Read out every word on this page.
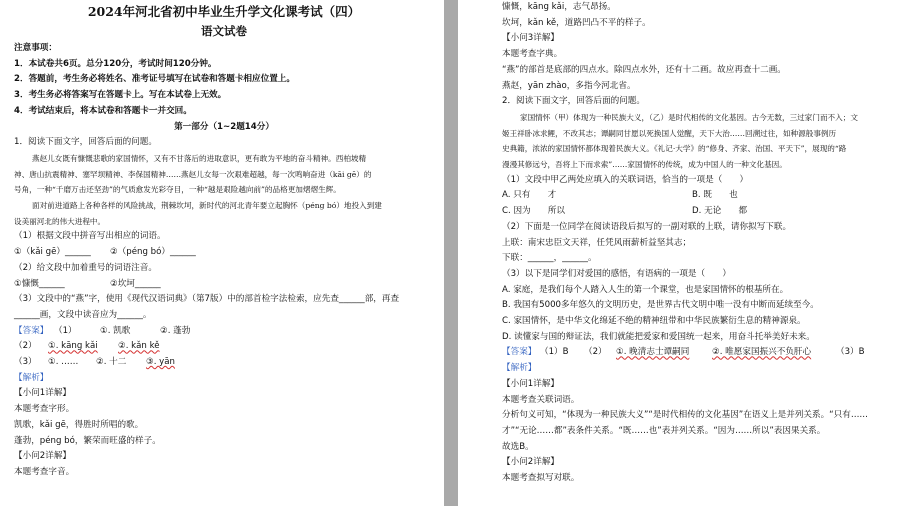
2024年河北省初中毕业生升学文化课考试（四）
语文试卷
注意事项：
1．本试卷共6页。总分120分，考试时间120分钟。
2．答题前，考生务必将姓名、准考证号填写在试卷和答题卡相应位置上。
3．考生务必将答案写在答题卡上。写在本试卷上无效。
4．考试结束后，将本试卷和答题卡一并交回。
第一部分（1~2题14分）
1．阅读下面文字，回答后面的问题。
燕赵儿女既有慷慨悲歌的家国情怀，又有不甘落后的进取意识，更有敢为平地的奋斗精神。西柏坡精
神、唐山抗震精神、塞罕坝精神、李保国精神……燕赵儿女每一次艰难超越，每一次鸣响奋进（kāi gē）的
号角，一种“千磨万击还坚劲”的气质愈发光彩夺目，一种“越是艰险越向前”的品格更加熠熠生辉。
面对前进道路上各种各样的风险挑战，荆棘坎坷，新时代的河北青年要立起胸怀（péng bó）地投入到建
设美丽河北的伟大进程中。
（1）根据文段中拼音写出相应的词语。
①（kǎi gē）______	②（péng bó）______
（2）给文段中加着重号的词语注音。
①慷慨______	②坎坷______
（3）文段中的“燕”字，使用《现代汉语词典》（第7版）中的部首检字法检索，应先查______部，再查
______画，文段中读音应为______。
【答案】 （1）	①. 凯歌	②. 蓬勃
（2）	①. kāng kǎi	②. kǎn kě
（3）	①. ……	②. 十二	③. yān
【解析】
【小问1详解】
本题考查字形。
凯歌，kǎi gē，得胜时所唱的歌。
蓬勃，péng bó，繁荣而旺盛的样子。
【小问2详解】
本题考查字音。
慷慨，kāng kǎi，志气昂扬。
坎坷，kǎn kě，道路凹凸不平的样子。
【小问3详解】
本题考查字典。
“燕”的部首是底部的四点水。除四点水外，还有十二画。故应再查十二画。
燕赵，yān zhào，多指今河北省。
2．阅读下面文字，回答后面的问题。
家国情怀（甲）体现为一种民族大义，（乙）是时代相传的文化基因。古今无数，三过家门而不入；文
姬王祥卧冰求鲤，不改其志；谭嗣同甘愿以死换国人觉醒，天下大治……回溯过往，如种源般事例历
史典籍，浓浓的家国情怀都体现着民族大义。《礼记·大学》的“修身、齐家、治国、平天下”，展现的“路
漫漫其修远兮，吾将上下而求索”……家国情怀的传统，成为中国人的一种文化基因。
（1）文段中甲乙两处应填入的关联词语，恰当的一项是（　　）
A. 只有　　才	B. 既　　也
C. 因为　　所以	D. 无论　　都
（2）下面是一位同学在阅读语段后拟写的一副对联的上联，请你拟写下联。
上联：南宋忠臣文天祥，任凭风雨薪析益坚其志；
下联：______，______。
（3）以下是同学们对爱国的感悟，有语病的一项是（　　）
A. 家庭，是我们每个人踏入人生的第一个课堂，也是家国情怀的根基所在。
B. 我国有5000多年悠久的文明历史，是世界古代文明中唯一没有中断而延续至今。
C. 家国情怀，是中华文化绵延不绝的精神纽带和中华民族繁衍生息的精神源泉。
D. 读懂家与国的辩证法，我们就能把爱家和爱国统一起来，用奋斗托举美好未来。
【答案】 （1）B	（2）	①. 晚清志士谭嗣同	②. 唯愿家国振兴不负肝心	（3）B
【解析】
【小问1详解】
本题考查关联词语。
分析句义可知，“体现为一种民族大义”“是时代相传的文化基因”在语义上是并列关系。“只有……
才”“无论……都”表条件关系。“既……也”表并列关系。“因为……所以”表因果关系。
故选B。
【小问2详解】
本题考查拟写对联。
